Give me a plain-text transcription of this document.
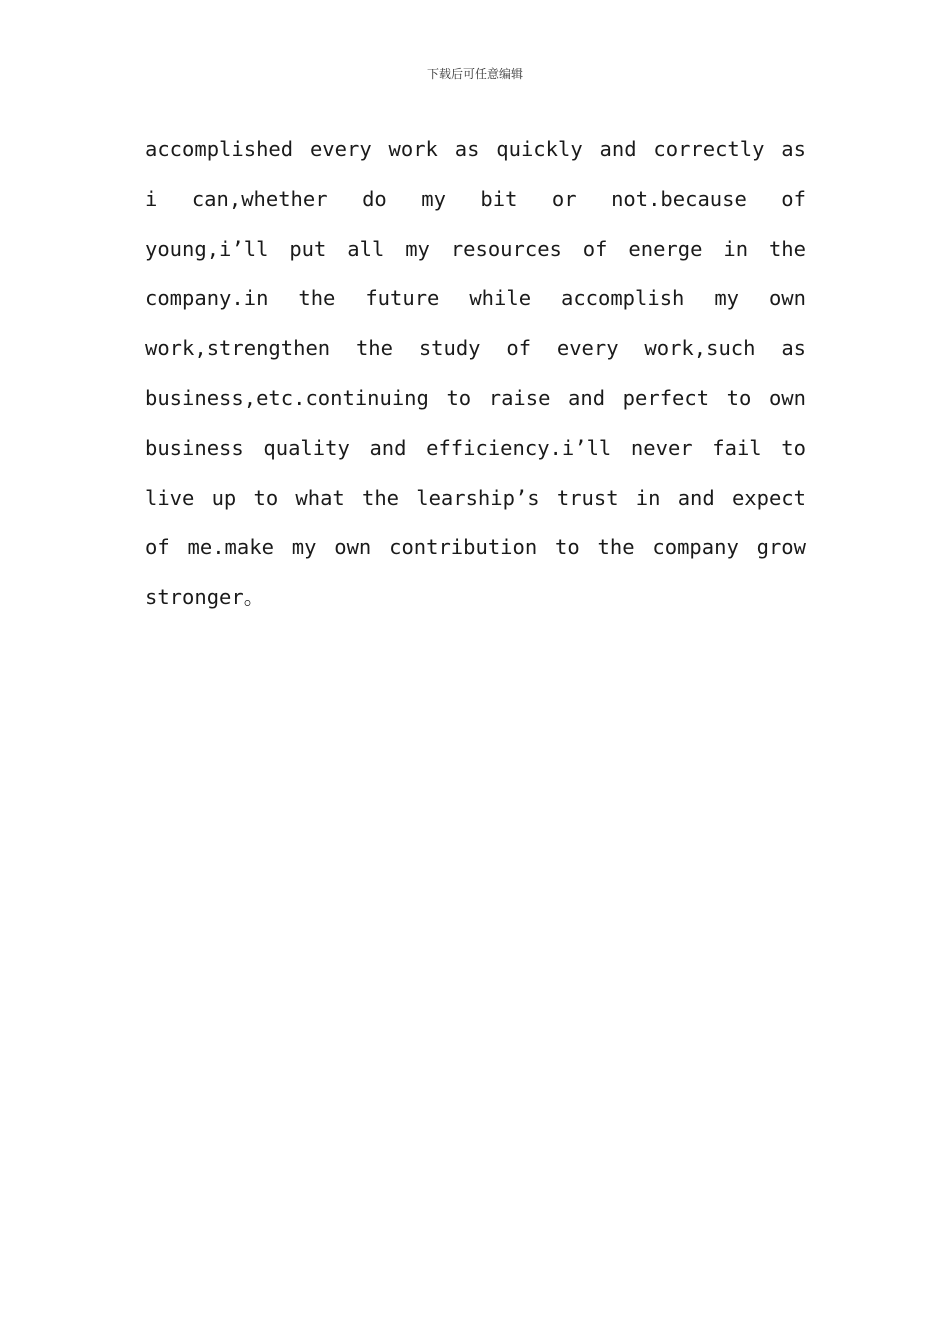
下载后可任意编辑
accomplished every work as quickly and correctly as
i can,whether do my bit or not.because of
young,i’ll put all my resources of energe in the
company.in the future while accomplish my own
work,strengthen the study of every work,such as
business,etc.continuing to raise and perfect to own
business quality and efficiency.i’ll never fail to
live up to what the learship’s trust in and expect
of me.make my own contribution to the company grow
stronger。
